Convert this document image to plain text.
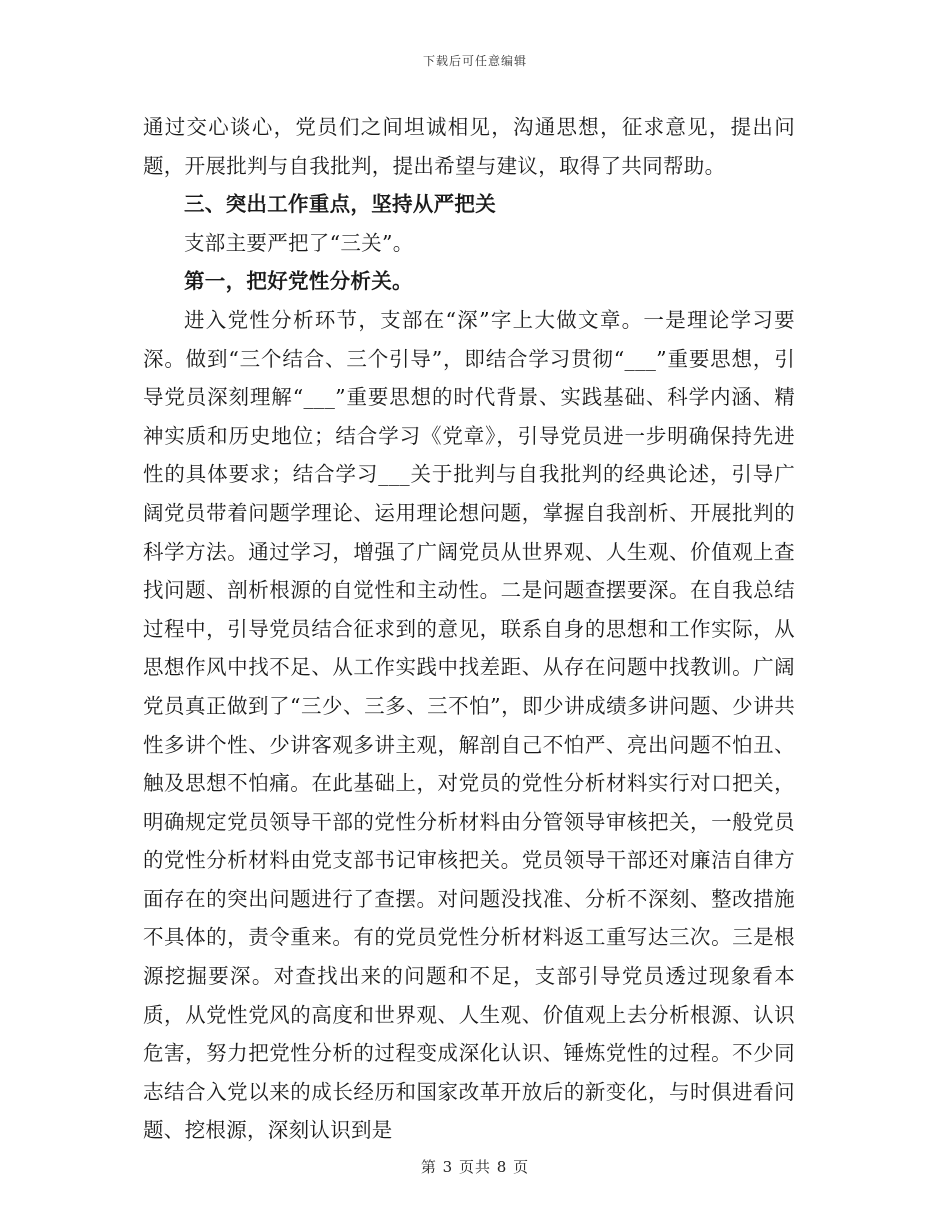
下载后可任意编辑

通过交心谈心，党员们之间坦诚相见，沟通思想，征求意见，提出问题，开展批判与自我批判，提出希望与建议，取得了共同帮助。

三、突出工作重点，坚持从严把关

支部主要严把了“三关”。

第一，把好党性分析关。

进入党性分析环节，支部在“深”字上大做文章。一是理论学习要深。做到“三个结合、三个引导”，即结合学习贯彻“___”重要思想，引导党员深刻理解“___”重要思想的时代背景、实践基础、科学内涵、精神实质和历史地位；结合学习《党章》，引导党员进一步明确保持先进性的具体要求；结合学习___关于批判与自我批判的经典论述，引导广阔党员带着问题学理论、运用理论想问题，掌握自我剖析、开展批判的科学方法。通过学习，增强了广阔党员从世界观、人生观、价值观上查找问题、剖析根源的自觉性和主动性。二是问题查摆要深。在自我总结过程中，引导党员结合征求到的意见，联系自身的思想和工作实际，从思想作风中找不足、从工作实践中找差距、从存在问题中找教训。广阔党员真正做到了“三少、三多、三不怕”，即少讲成绩多讲问题、少讲共性多讲个性、少讲客观多讲主观，解剖自己不怕严、亮出问题不怕丑、触及思想不怕痛。在此基础上，对党员的党性分析材料实行对口把关，明确规定党员领导干部的党性分析材料由分管领导审核把关，一般党员的党性分析材料由党支部书记审核把关。党员领导干部还对廉洁自律方面存在的突出问题进行了查摆。对问题没找准、分析不深刻、整改措施不具体的，责令重来。有的党员党性分析材料返工重写达三次。三是根源挖掘要深。对查找出来的问题和不足，支部引导党员透过现象看本质，从党性党风的高度和世界观、人生观、价值观上去分析根源、认识危害，努力把党性分析的过程变成深化认识、锤炼党性的过程。不少同志结合入党以来的成长经历和国家改革开放后的新变化，与时俱进看问题、挖根源，深刻认识到是

第 3 页共 8 页
